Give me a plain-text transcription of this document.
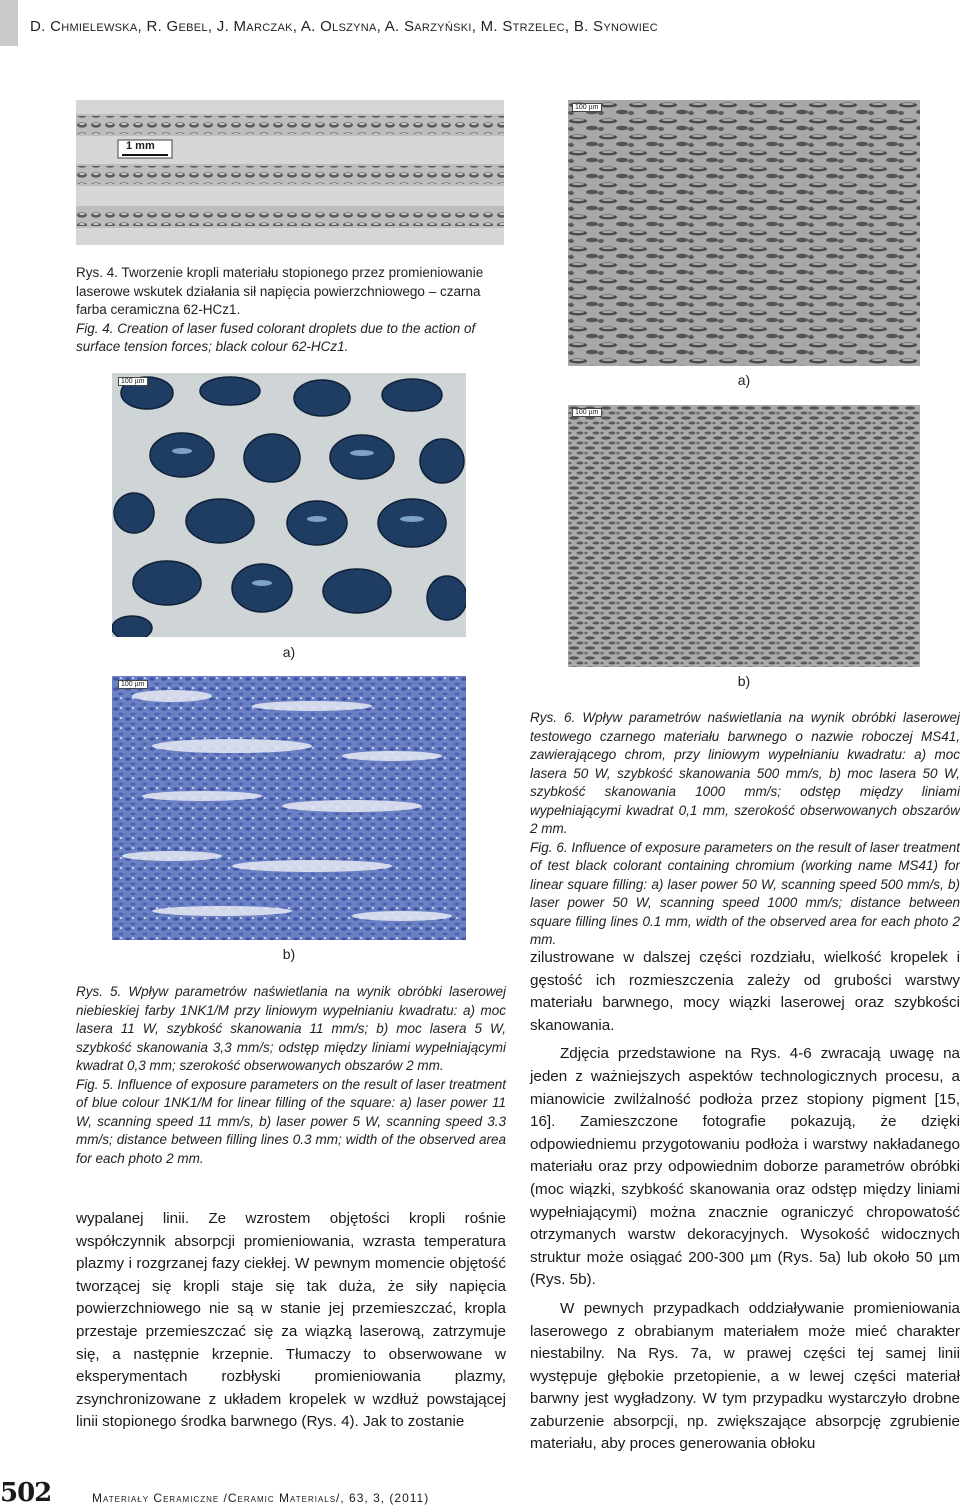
D. Chmielewska, R. Gebel, J. Marczak, A. Olszyna, A. Sarzyński, M. Strzelec, B. Synowiec
1 mm

Rys. 4. Tworzenie kropli materiału stopionego przez promieniowanie laserowe wskutek działania sił napięcia powierzchniowego – czarna farba ceramiczna 62-HCz1.

Fig. 4. Creation of laser fused colorant droplets due to the action of surface tension forces; black colour 62-HCz1.

100 µm
a)
100 µm
a)
100 µm
b)
100 µm
b)

Rys. 6. Wpływ parametrów naświetlania na wynik obróbki laserowej testowego czarnego materiału barwnego o nazwie roboczej MS41, zawierającego chrom, przy liniowym wypełnianiu kwadratu: a) moc lasera 50 W, szybkość skanowania 500 mm/s, b) moc lasera 50 W, szybkość skanowania 1000 mm/s; odstęp między liniami wypełniającymi kwadrat 0,1 mm, szerokość obserwowanych obszarów 2 mm.

Fig. 6. Influence of exposure parameters on the result of laser treatment of test black colorant containing chromium (working name MS41) for linear square filling: a) laser power 50 W, scanning speed 500 mm/s, b) laser power 50 W, scanning speed 1000 mm/s; distance between square filling lines 0.1 mm, width of the observed area for each photo 2 mm.

Rys. 5. Wpływ parametrów naświetlania na wynik obróbki laserowej niebieskiej farby 1NK1/M przy liniowym wypełnianiu kwadratu: a) moc lasera 11 W, szybkość skanowania 11 mm/s; b) moc lasera 5 W, szybkość skanowania 3,3 mm/s; odstęp między liniami wypełniającymi kwadrat 0,3 mm; szerokość obserwowanych obszarów 2 mm.

Fig. 5. Influence of exposure parameters on the result of laser treatment of blue colour 1NK1/M for linear filling of the square: a) laser power 11 W, scanning speed 11 mm/s, b) laser power 5 W, scanning speed 3.3 mm/s; distance between filling lines 0.3 mm; width of the observed area for each photo 2 mm.

wypalanej linii. Ze wzrostem objętości kropli rośnie współczynnik absorpcji promieniowania, wzrasta temperatura plazmy i rozgrzanej fazy ciekłej. W pewnym momencie objętość tworzącej się kropli staje się tak duża, że siły napięcia powierzchniowego nie są w stanie jej przemieszczać, kropla przestaje przemieszczać się za wiązką laserową, zatrzymuje się, a następnie krzepnie. Tłumaczy to obserwowane w eksperymentach rozbłyski promieniowania plazmy, zsynchronizowane z układem kropelek w wzdłuż powstającej linii stopionego środka barwnego (Rys. 4). Jak to zostanie

zilustrowane w dalszej części rozdziału, wielkość kropelek i gęstość ich rozmieszczenia zależy od grubości warstwy materiału barwnego, mocy wiązki laserowej oraz szybkości skanowania.

Zdjęcia przedstawione na Rys. 4-6 zwracają uwagę na jeden z ważniejszych aspektów technologicznych procesu, a mianowicie zwilżalność podłoża przez stopiony pigment [15, 16]. Zamieszczone fotografie pokazują, że dzięki odpowiedniemu przygotowaniu podłoża i warstwy nakładanego materiału oraz przy odpowiednim doborze parametrów obróbki (moc wiązki, szybkość skanowania oraz odstęp między liniami wypełniającymi) można znacznie ograniczyć chropowatość otrzymanych warstw dekoracyjnych. Wysokość widocznych struktur może osiągać 200-300 µm (Rys. 5a) lub około 50 µm (Rys. 5b).

W pewnych przypadkach oddziaływanie promieniowania laserowego z obrabianym materiałem może mieć charakter niestabilny. Na Rys. 7a, w prawej części tej samej linii występuje głębokie przetopienie, a w lewej części materiał barwny jest wygładzony. W tym przypadku wystarczyło drobne zaburzenie absorpcji, np. zwiększające absorpcję zgrubienie materiału, aby proces generowania obłoku

502	Materiały Ceramiczne /Ceramic Materials/, 63, 3, (2011)
